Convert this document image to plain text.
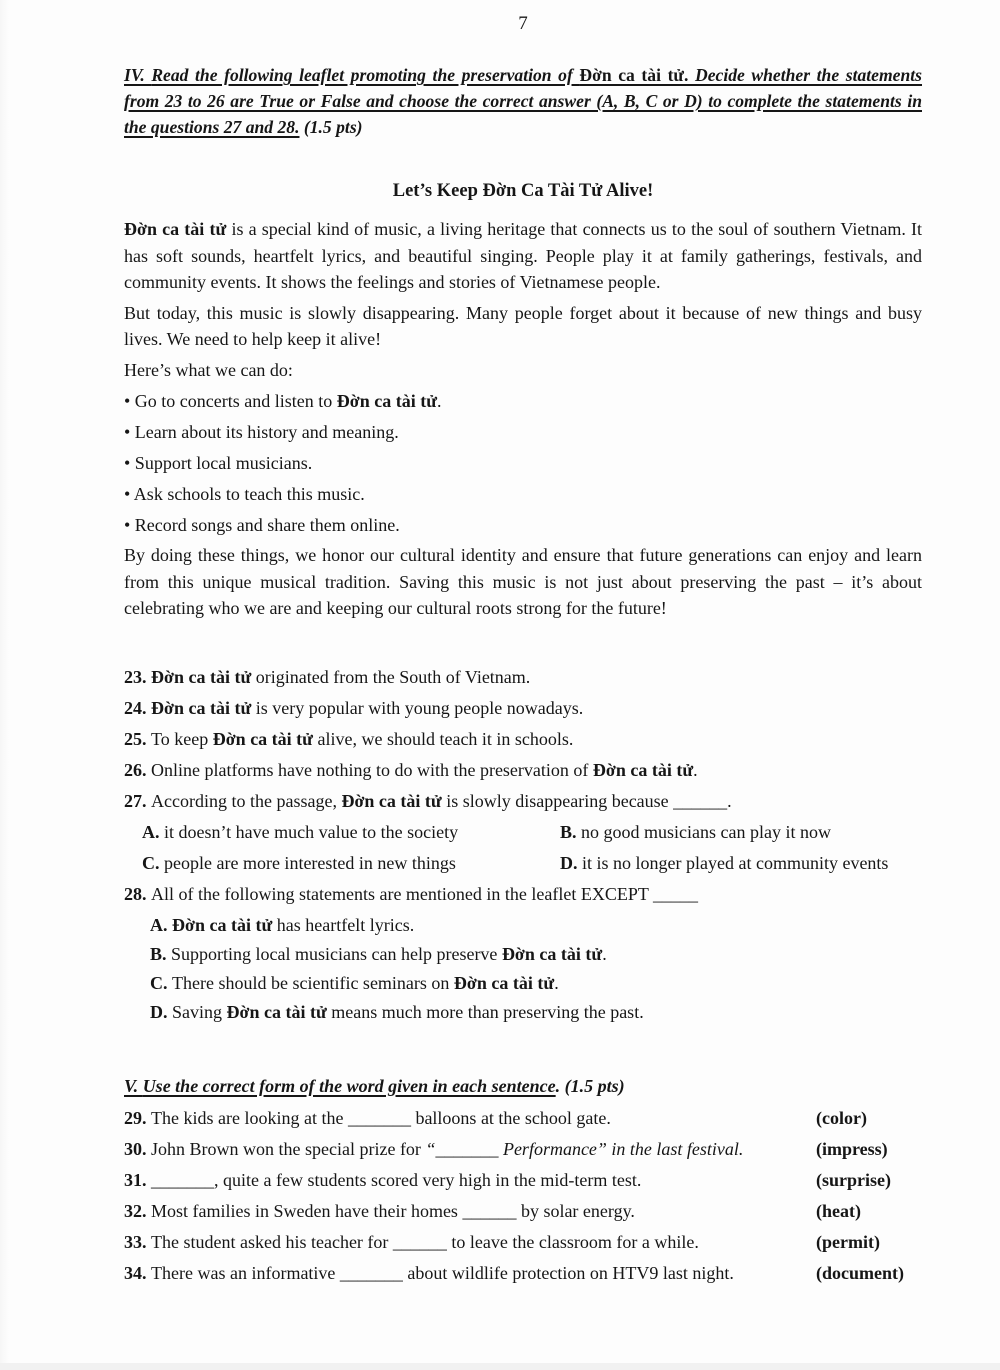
7
IV. Read the following leaflet promoting the preservation of Đờn ca tài tử. Decide whether the statements from 23 to 26 are True or False and choose the correct answer (A, B, C or D) to complete the statements in the questions 27 and 28. (1.5 pts)
Let’s Keep Đờn Ca Tài Tử Alive!

Đờn ca tài tử is a special kind of music, a living heritage that connects us to the soul of southern Vietnam. It has soft sounds, heartfelt lyrics, and beautiful singing. People play it at family gatherings, festivals, and community events. It shows the feelings and stories of Vietnamese people.

But today, this music is slowly disappearing. Many people forget about it because of new things and busy lives. We need to help keep it alive!

Here’s what we can do:

• Go to concerts and listen to Đờn ca tài tử.

• Learn about its history and meaning.

• Support local musicians.

• Ask schools to teach this music.

• Record songs and share them online.

By doing these things, we honor our cultural identity and ensure that future generations can enjoy and learn from this unique musical tradition. Saving this music is not just about preserving the past – it’s about celebrating who we are and keeping our cultural roots strong for the future!

23. Đờn ca tài tử originated from the South of Vietnam.
24. Đờn ca tài tử is very popular with young people nowadays.
25. To keep Đờn ca tài tử alive, we should teach it in schools.
26. Online platforms have nothing to do with the preservation of Đờn ca tài tử.
27. According to the passage, Đờn ca tài tử is slowly disappearing because ______.
A. it doesn’t have much value to the society	B. no good musicians can play it now
C. people are more interested in new things	D. it is no longer played at community events
28. All of the following statements are mentioned in the leaflet EXCEPT _____
A. Đờn ca tài tử has heartfelt lyrics.
B. Supporting local musicians can help preserve Đờn ca tài tử.
C. There should be scientific seminars on Đờn ca tài tử.
D. Saving Đờn ca tài tử means much more than preserving the past.
V. Use the correct form of the word given in each sentence. (1.5 pts)
29. The kids are looking at the _______ balloons at the school gate.	(color)
30. John Brown won the special prize for “_______ Performance” in the last festival.	(impress)
31. _______, quite a few students scored very high in the mid-term test.	(surprise)
32. Most families in Sweden have their homes ______ by solar energy.	(heat)
33. The student asked his teacher for ______ to leave the classroom for a while.	(permit)
34. There was an informative _______ about wildlife protection on HTV9 last night.	(document)
